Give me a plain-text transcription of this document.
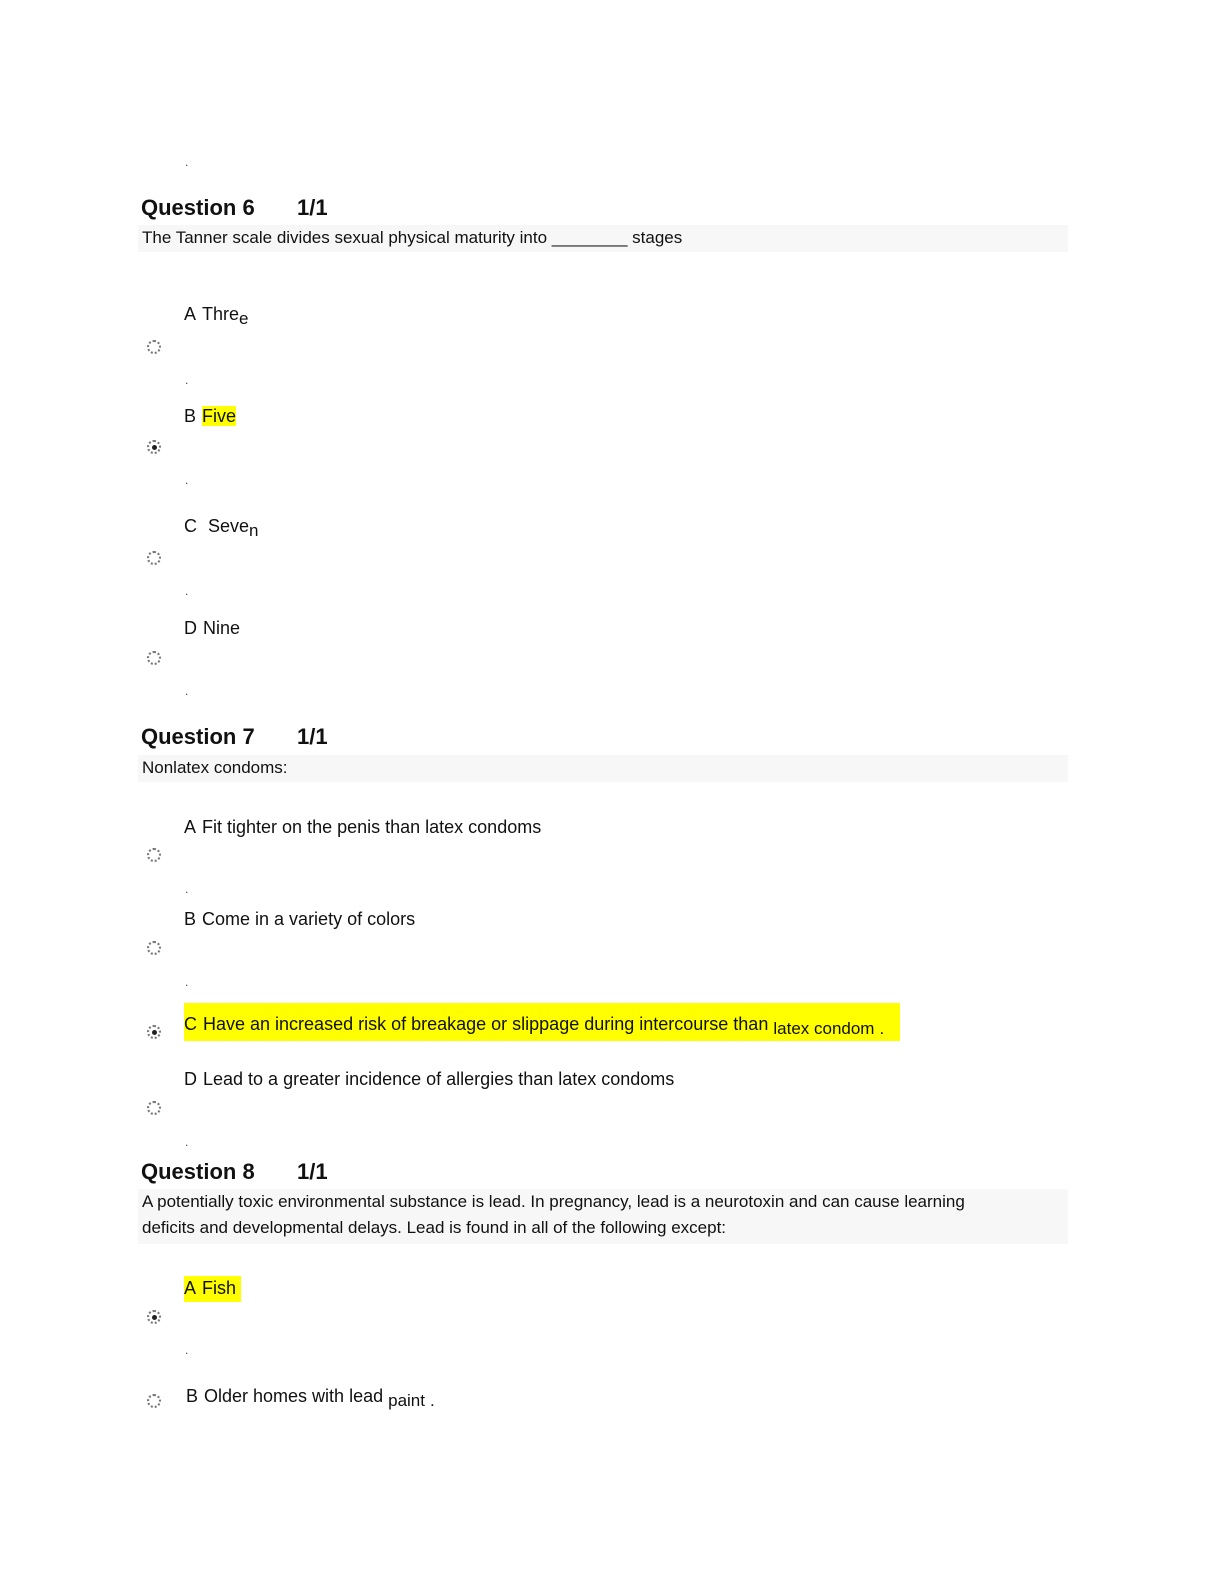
.
Question 6 1/1
The Tanner scale divides sexual physical maturity into ________ stages
A Three
.
B Five
.
C Seven
.
D Nine
.
Question 7 1/1
Nonlatex condoms:
A Fit tighter on the penis than latex condoms
.
B Come in a variety of colors
.
C Have an increased risk of breakage or slippage during intercourse than latex condom .
D Lead to a greater incidence of allergies than latex condoms
.
Question 8 1/1
A potentially toxic environmental substance is lead. In pregnancy, lead is a neurotoxin and can cause learning
deficits and developmental delays. Lead is found in all of the following except:
A Fish
.
B Older homes with lead paint .
